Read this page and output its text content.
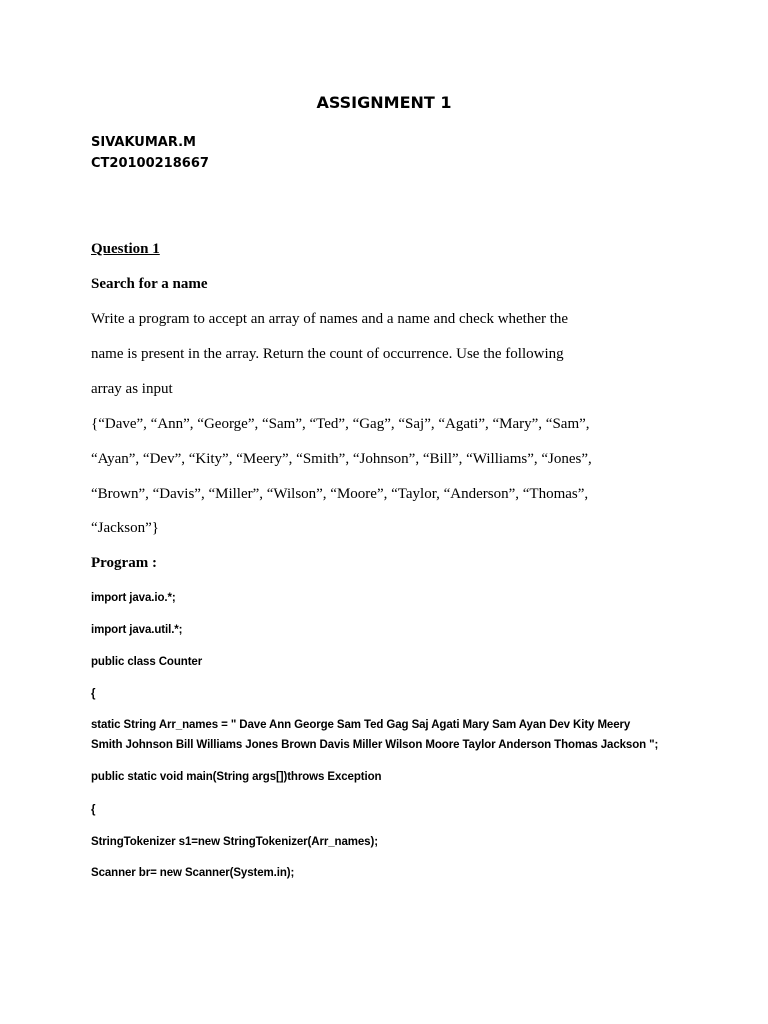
ASSIGNMENT 1
SIVAKUMAR.M
CT20100218667
Question 1
Search for a name
Write a program to accept an array of names and a name and check whether the
name is present in the array. Return the count of occurrence. Use the following
array as input
{“Dave”, “Ann”, “George”, “Sam”, “Ted”, “Gag”, “Saj”, “Agati”, “Mary”, “Sam”,
“Ayan”, “Dev”, “Kity”, “Meery”, “Smith”, “Johnson”, “Bill”, “Williams”, “Jones”,
“Brown”, “Davis”, “Miller”, “Wilson”, “Moore”, “Taylor, “Anderson”, “Thomas”,
“Jackson”}
Program :
import java.io.*;
import java.util.*;
public class Counter
{
static String Arr_names = " Dave Ann George Sam Ted Gag Saj Agati Mary Sam Ayan Dev Kity Meery
Smith Johnson Bill Williams Jones Brown Davis Miller Wilson Moore Taylor Anderson Thomas Jackson ";
public static void main(String args[])throws Exception
{
StringTokenizer s1=new StringTokenizer(Arr_names);
Scanner br= new Scanner(System.in);
